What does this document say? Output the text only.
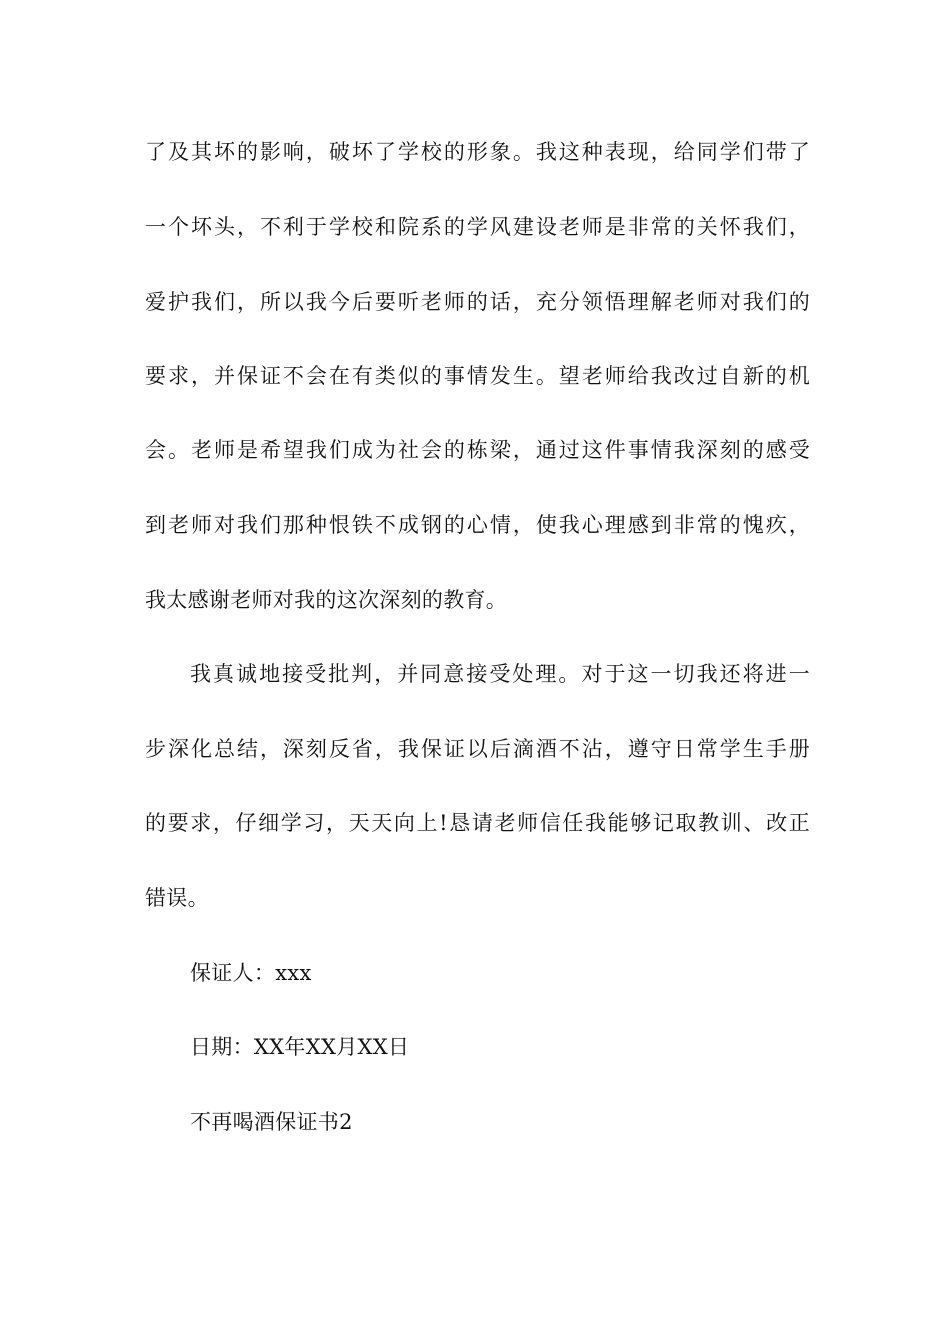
了及其坏的影响，破坏了学校的形象。我这种表现，给同学们带了
一个坏头，不利于学校和院系的学风建设老师是非常的关怀我们，
爱护我们，所以我今后要听老师的话，充分领悟理解老师对我们的
要求，并保证不会在有类似的事情发生。望老师给我改过自新的机
会。老师是希望我们成为社会的栋梁，通过这件事情我深刻的感受
到老师对我们那种恨铁不成钢的心情，使我心理感到非常的愧疚，
我太感谢老师对我的这次深刻的教育。
我真诚地接受批判，并同意接受处理。对于这一切我还将进一
步深化总结，深刻反省，我保证以后滴酒不沾，遵守日常学生手册
的要求，仔细学习，天天向上!恳请老师信任我能够记取教训、改正
错误。
保证人：xxx
日期：XX年XX月XX日
不再喝酒保证书2
